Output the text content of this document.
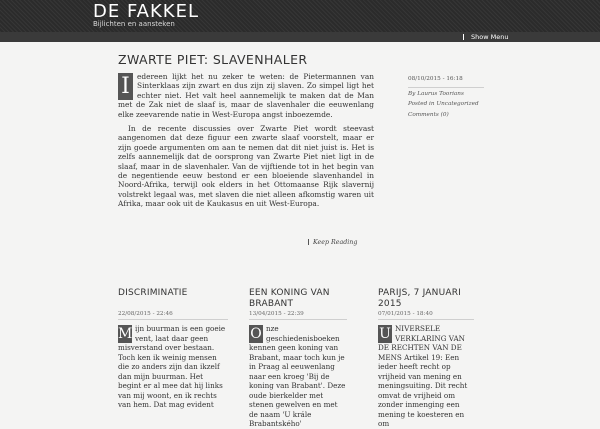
DE FAKKEL
Bijlichten en aansteken
Show Menu
ZWARTE PIET: SLAVENHALER

I edereen lijkt het nu zeker te weten: de Pietermannen van Sinterklaas zijn zwart en dus zijn zij slaven. Zo simpel ligt het echter niet. Het valt heel aannemelijk te maken dat de Man met de Zak niet de slaaf is, maar de slavenhaler die eeuwenlang elke zeevarende natie in West-Europa angst inboezemde.

In de recente discussies over Zwarte Piet wordt steevast aangenomen dat deze figuur een zwarte slaaf voorstelt, maar er zijn goede argumenten om aan te nemen dat dit niet juist is. Het is zelfs aannemelijk dat de oorsprong van Zwarte Piet niet ligt in de slaaf, maar in de slavenhaler. Van de vijftiende tot in het begin van de negentiende eeuw bestond er een bloeiende slavenhandel in Noord-Afrika, terwijl ook elders in het Ottomaanse Rijk slavernij volstrekt legaal was, met slaven die niet alleen afkomstig waren uit Afrika, maar ook uit de Kaukasus en uit West-Europa.

Keep Reading
08/10/2015 - 16:18
By Laurus Toorians
Posted in Uncategorized
Comments (0)
DISCRIMINATIE
22/08/2015 - 22:46

M ijn buurman is een goeie vent, laat daar geen misverstand over bestaan. Toch ken ik weinig mensen die zo anders zijn dan ikzelf dan mijn buurman. Het begint er al mee dat hij links van mij woont, en ik rechts van hem. Dat mag evident

EEN KONING VAN BRABANT
13/04/2015 - 22:39

O nze geschiedenisboeken kennen geen koning van Brabant, maar toch kun je in Praag al eeuwenlang naar een kroeg 'Bij de koning van Brabant'. Deze oude bierkelder met stenen gewelven en met de naam 'U krále Brabantského'

PARIJS, 7 JANUARI 2015
07/01/2015 - 18:40

U NIVERSELE VERKLARING VAN DE RECHTEN VAN DE MENS Artikel 19: Een ieder heeft recht op vrijheid van mening en meningsuiting. Dit recht omvat de vrijheid om zonder inmenging een mening te koesteren en om
